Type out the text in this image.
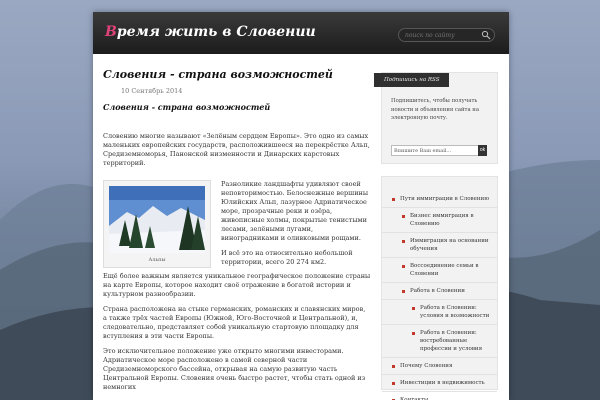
Время жить в Словении
поиск по сайту
Словения - страна возможностей
10 Сентябрь 2014
Словения - страна возможностей

Словению многие называют «Зелёным сердцем Европы». Это одно из самых маленьких европейских государств, расположившееся на перекрёстке Альп, Средиземноморья, Панонской низменности и Динарских карстовых территорий.

Альпы

Разноликие ландшафты удивляют своей неповторимостью. Белоснежные вершины Юлийских Альп, лазурное Адриатическое море, прозрачные реки и озёра, живописные холмы, покрытые тенистыми лесами, зелёными лугами, виноградниками и оливковыми рощами.

И всё это на относительно небольшой территории, всего 20 274 км2.

Ещё более важным является уникальное географическое положение страны на карте Европы, которое находит своё отражение в богатой истории и культурном разнообразии.

Страна расположена на стыке германских, романских и славянских миров, а также трёх частей Европы (Южной, Юго-Восточной и Центральной), и, следовательно, представляет собой уникальную стартовую площадку для вступления в эти части Европы.

Это исключительное положение уже открыто многими инвесторами. Адриатическое море расположено в самой северной части Средиземноморского бассейна, открывая на самую развитую часть Центральной Европы. Словения очень быстро растет, чтобы стать одной из немногих

Подпишись на RSS
Подпишитесь, чтобы получать новости и объявления сайта на электронную почту.
Впишите Ваш email...
ok
Пути иммиграции в Словению
Бизнес иммиграция в Словению
Иммиграция на основании обучения
Воссоединение семьи в Словении
Работа в Словении
Работа в Словении: условия и возможности
Работа в Словении: востребованные профессии и условия
Почему Словения
Инвестиции в недвижимость
Контакты
